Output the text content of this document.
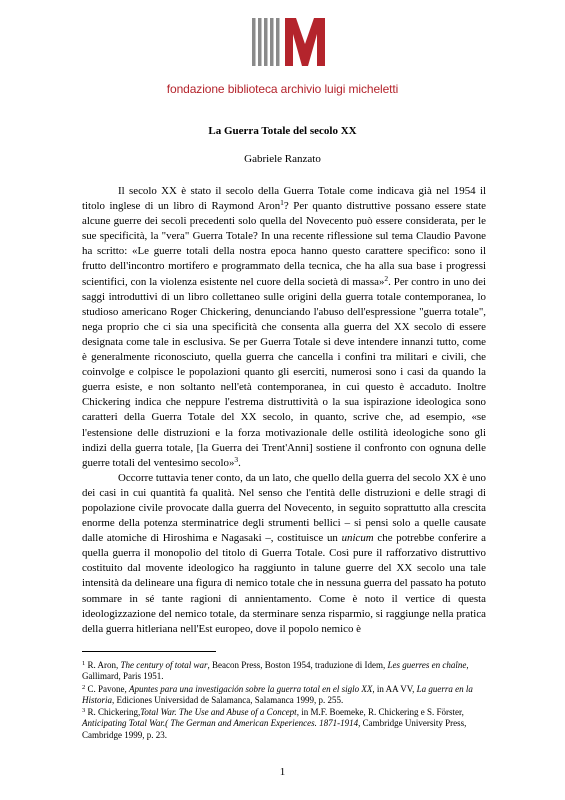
fondazione biblioteca archivio luigi micheletti
La Guerra Totale del secolo XX
Gabriele Ranzato

Il secolo XX è stato il secolo della Guerra Totale come indicava già nel 1954 il titolo inglese di un libro di Raymond Aron$^1$? Per quanto distruttive possano essere state alcune guerre dei secoli precedenti solo quella del Novecento può essere considerata, per le sue specificità, la "vera" Guerra Totale? In una recente riflessione sul tema Claudio Pavone ha scritto: «Le guerre totali della nostra epoca hanno questo carattere specifico: sono il frutto dell'incontro mortifero e programmato della tecnica, che ha alla sua base i progressi scientifici, con la violenza esistente nel cuore della società di massa»$^2$. Per contro in uno dei saggi introduttivi di un libro collettaneo sulle origini della guerra totale contemporanea, lo studioso americano Roger Chickering, denunciando l'abuso dell'espressione "guerra totale", nega proprio che ci sia una specificità che consenta alla guerra del XX secolo di essere designata come tale in esclusiva. Se per Guerra Totale si deve intendere innanzi tutto, come è generalmente riconosciuto, quella guerra che cancella i confini tra militari e civili, che coinvolge e colpisce le popolazioni quanto gli eserciti, numerosi sono i casi da quando la guerra esiste, e non soltanto nell'età contemporanea, in cui questo è accaduto. Inoltre Chickering indica che neppure l'estrema distruttività o la sua ispirazione ideologica sono caratteri della Guerra Totale del XX secolo, in quanto, scrive che, ad esempio, «se l'estensione delle distruzioni e la forza motivazionale delle ostilità ideologiche sono gli indizi della guerra totale, [la Guerra dei Trent'Anni] sostiene il confronto con ognuna delle guerre totali del ventesimo secolo»$^3$.

Occorre tuttavia tener conto, da un lato, che quello della guerra del secolo XX è uno dei casi in cui quantità fa qualità. Nel senso che l'entità delle distruzioni e delle stragi di popolazione civile provocate dalla guerra del Novecento, in seguito soprattutto alla crescita enorme della potenza sterminatrice degli strumenti bellici – si pensi solo a quelle causate dalle atomiche di Hiroshima e Nagasaki –, costituisce un unicum che potrebbe conferire a quella guerra il monopolio del titolo di Guerra Totale. Così pure il rafforzativo distruttivo costituito dal movente ideologico ha raggiunto in talune guerre del XX secolo una tale intensità da delineare una figura di nemico totale che in nessuna guerra del passato ha potuto sommare in sé tante ragioni di annientamento. Come è noto il vertice di questa ideologizzazione del nemico totale, da sterminare senza risparmio, si raggiunge nella pratica della guerra hitleriana nell'Est europeo, dove il popolo nemico è

$^1$ R. Aron, The century of total war, Beacon Press, Boston 1954, traduzione di Idem, Les guerres en chaîne, Gallimard, Paris 1951.

$^2$ C. Pavone, Apuntes para una investigación sobre la guerra total en el siglo XX, in AA VV, La guerra en la Historia, Ediciones Universidad de Salamanca, Salamanca 1999, p. 255.

$^3$ R. Chickering,Total War. The Use and Abuse of a Concept, in M.F. Boemeke, R. Chickering e S. Förster, Anticipating Total War.( The German and American Experiences. 1871-1914, Cambridge University Press, Cambridge 1999, p. 23.

1
